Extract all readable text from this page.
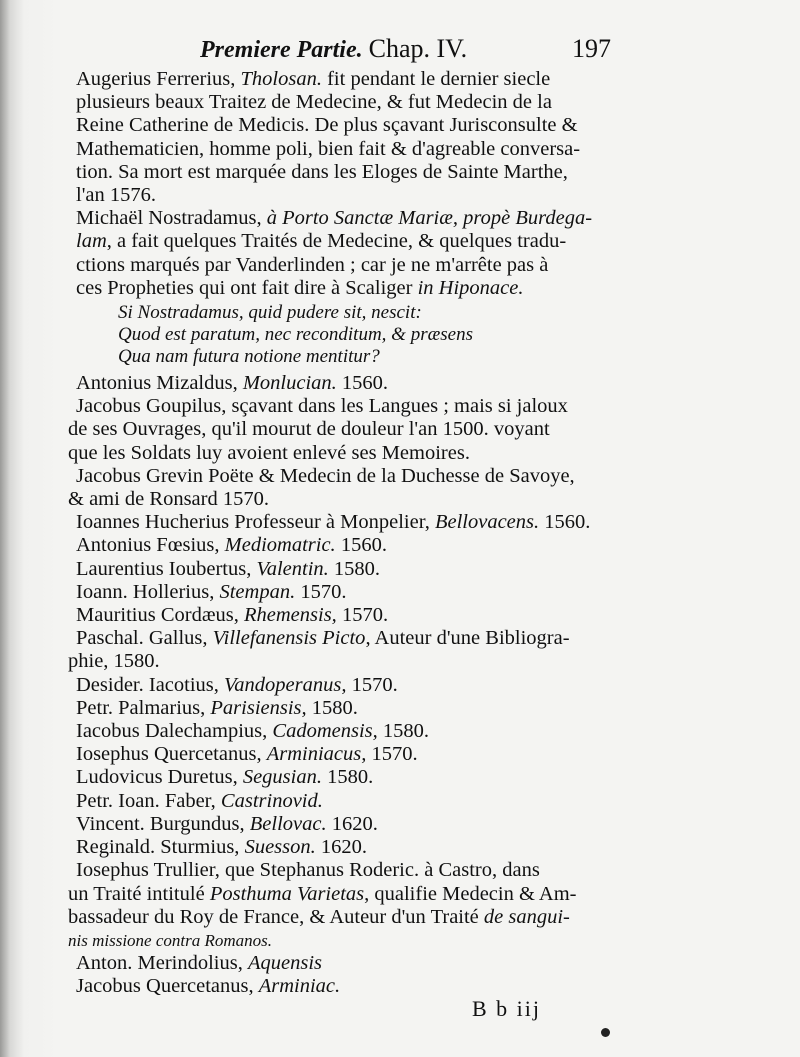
Premiere Partie. Chap. IV.	197
Augerius Ferrerius, Tholosan. fit pendant le dernier siecle
plusieurs beaux Traitez de Medecine, & fut Medecin de la
Reine Catherine de Medicis. De plus sçavant Jurisconsulte &
Mathematicien, homme poli, bien fait & d'agreable conversa-
tion. Sa mort est marquée dans les Eloges de Sainte Marthe,
l'an 1576.
Michaël Nostradamus, à Porto Sanctæ Mariæ, propè Burdega-
lam, a fait quelques Traités de Medecine, & quelques tradu-
ctions marqués par Vanderlinden ; car je ne m'arrête pas à
ces Propheties qui ont fait dire à Scaliger in Hiponace.
Si Nostradamus, quid pudere sit, nescit:
Quod est paratum, nec reconditum, & præsens
Qua nam futura notione mentitur?
Antonius Mizaldus, Monlucian. 1560.
Jacobus Goupilus, sçavant dans les Langues ; mais si jaloux
de ses Ouvrages, qu'il mourut de douleur l'an 1500. voyant
que les Soldats luy avoient enlevé ses Memoires.
Jacobus Grevin Poëte & Medecin de la Duchesse de Savoye,
& ami de Ronsard 1570.
Ioannes Hucherius Professeur à Monpelier, Bellovacens. 1560.
Antonius Fœsius, Mediomatric. 1560.
Laurentius Ioubertus, Valentin. 1580.
Ioann. Hollerius, Stempan. 1570.
Mauritius Cordæus, Rhemensis, 1570.
Paschal. Gallus, Villefanensis Picto, Auteur d'une Bibliogra-
phie, 1580.
Desider. Iacotius, Vandoperanus, 1570.
Petr. Palmarius, Parisiensis, 1580.
Iacobus Dalechampius, Cadomensis, 1580.
Iosephus Quercetanus, Arminiacus, 1570.
Ludovicus Duretus, Segusian. 1580.
Petr. Ioan. Faber, Castrinovid.
Vincent. Burgundus, Bellovac. 1620.
Reginald. Sturmius, Suesson. 1620.
Iosephus Trullier, que Stephanus Roderic. à Castro, dans
un Traité intitulé Posthuma Varietas, qualifie Medecin & Am-
bassadeur du Roy de France, & Auteur d'un Traité de sangui-
nis missione contra Romanos.
Anton. Merindolius, Aquensis
Jacobus Quercetanus, Arminiac.
B b iij
